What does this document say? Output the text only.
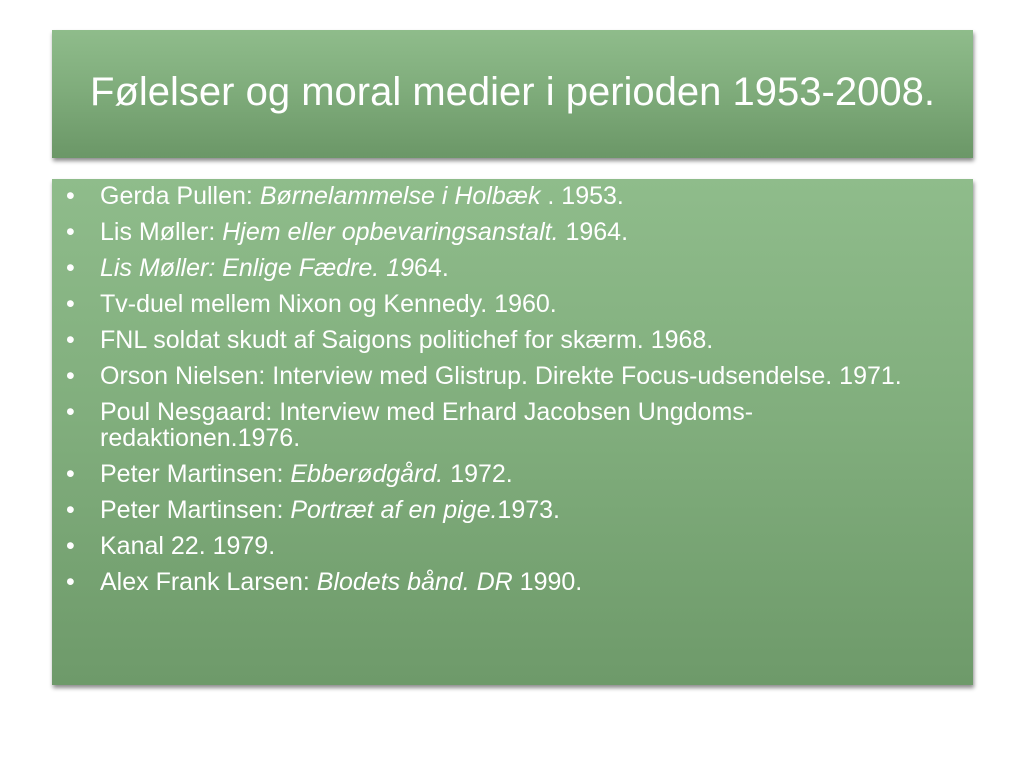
Følelser og moral medier i perioden 1953-2008.
• Gerda Pullen: Børnelammelse i Holbæk . 1953.
• Lis Møller: Hjem eller opbevaringsanstalt. 1964.
• Lis Møller: Enlige Fædre. 1964.
• Tv-duel mellem Nixon og Kennedy. 1960.
• FNL soldat skudt af Saigons politichef for skærm. 1968.
• Orson Nielsen: Interview med Glistrup. Direkte Focus-udsendelse. 1971.
• Poul Nesgaard: Interview med Erhard Jacobsen Ungdoms-redaktionen.1976.
• Peter Martinsen: Ebberødgård. 1972.
• Peter Martinsen: Portræt af en pige.1973.
• Kanal 22. 1979.
• Alex Frank Larsen: Blodets bånd. DR 1990.
